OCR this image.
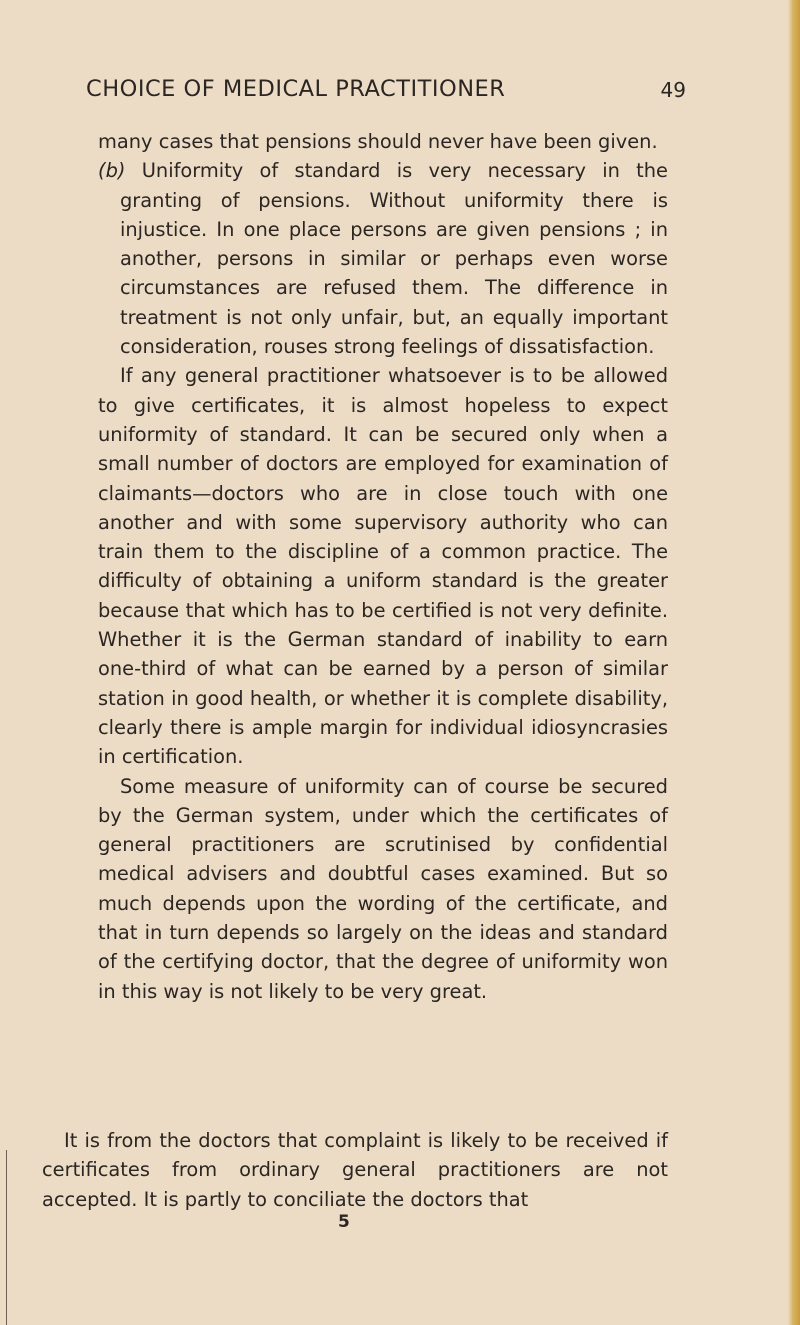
CHOICE OF MEDICAL PRACTITIONER	49

many cases that pensions should never have been given.

(b) Uniformity of standard is very necessary in the granting of pensions. Without uniformity there is injustice. In one place persons are given pensions ; in another, persons in similar or perhaps even worse circumstances are refused them. The difference in treatment is not only unfair, but, an equally important consideration, rouses strong feelings of dissatisfaction.

If any general practitioner whatsoever is to be allowed to give certificates, it is almost hopeless to expect uniformity of standard. It can be secured only when a small number of doctors are employed for examination of claimants—doctors who are in close touch with one another and with some supervisory authority who can train them to the discipline of a common practice. The difficulty of obtaining a uniform standard is the greater because that which has to be certified is not very definite. Whether it is the German standard of inability to earn one-third of what can be earned by a person of similar station in good health, or whether it is complete disability, clearly there is ample margin for individual idiosyncrasies in certification.

Some measure of uniformity can of course be secured by the German system, under which the certificates of general practitioners are scrutinised by confidential medical advisers and doubtful cases examined. But so much depends upon the wording of the certificate, and that in turn depends so largely on the ideas and standard of the certifying doctor, that the degree of uniformity won in this way is not likely to be very great.

It is from the doctors that complaint is likely to be received if certificates from ordinary general practitioners are not accepted. It is partly to conciliate the doctors that

5
